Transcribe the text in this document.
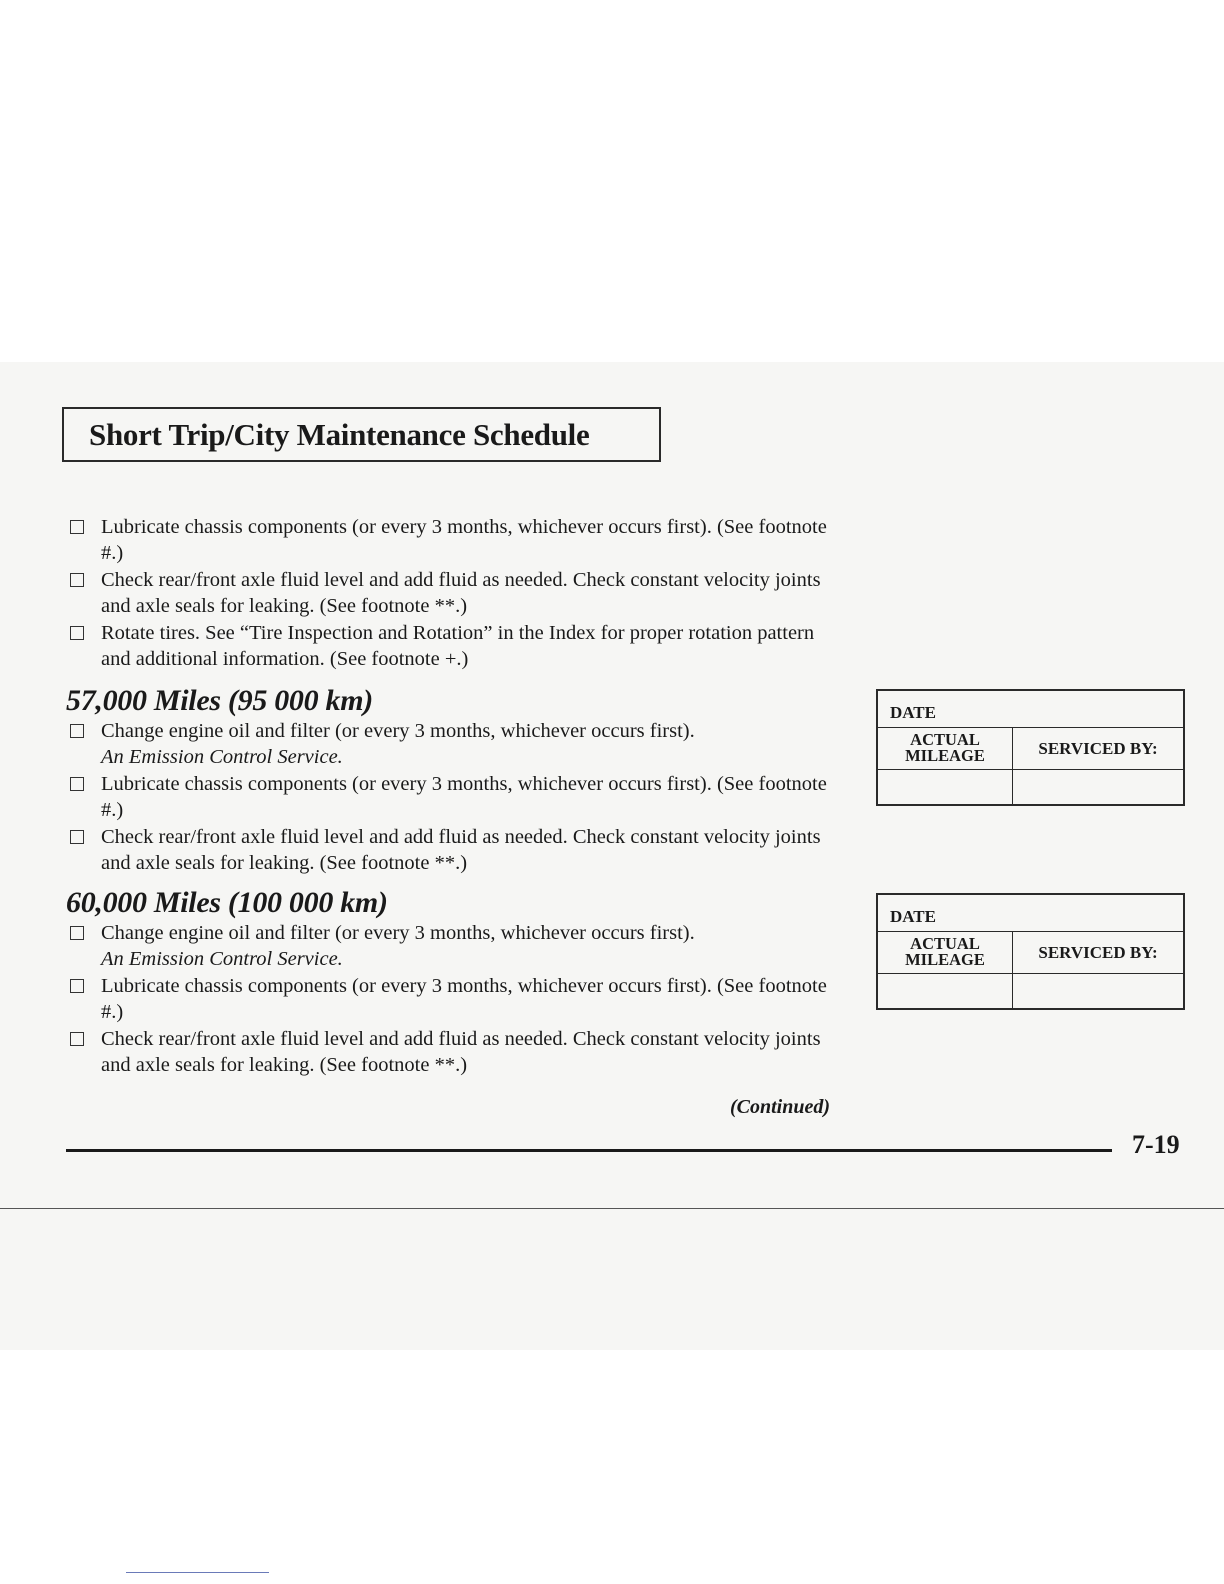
Short Trip/City Maintenance Schedule
Lubricate chassis components (or every 3 months, whichever occurs first). (See footnote #.)
Check rear/front axle fluid level and add fluid as needed. Check constant velocity joints and axle seals for leaking. (See footnote **.)
Rotate tires. See “Tire Inspection and Rotation” in the Index for proper rotation pattern and additional information. (See footnote +.)
57,000 Miles (95 000 km)
Change engine oil and filter (or every 3 months, whichever occurs first).
An Emission Control Service.
Lubricate chassis components (or every 3 months, whichever occurs first). (See footnote #.)
Check rear/front axle fluid level and add fluid as needed. Check constant velocity joints and axle seals for leaking. (See footnote **.)
60,000 Miles (100 000 km)
Change engine oil and filter (or every 3 months, whichever occurs first).
An Emission Control Service.
Lubricate chassis components (or every 3 months, whichever occurs first). (See footnote #.)
Check rear/front axle fluid level and add fluid as needed. Check constant velocity joints and axle seals for leaking. (See footnote **.)
DATE
ACTUAL
MILEAGE	SERVICED BY:
DATE
ACTUAL
MILEAGE	SERVICED BY:
(Continued)
7-19
